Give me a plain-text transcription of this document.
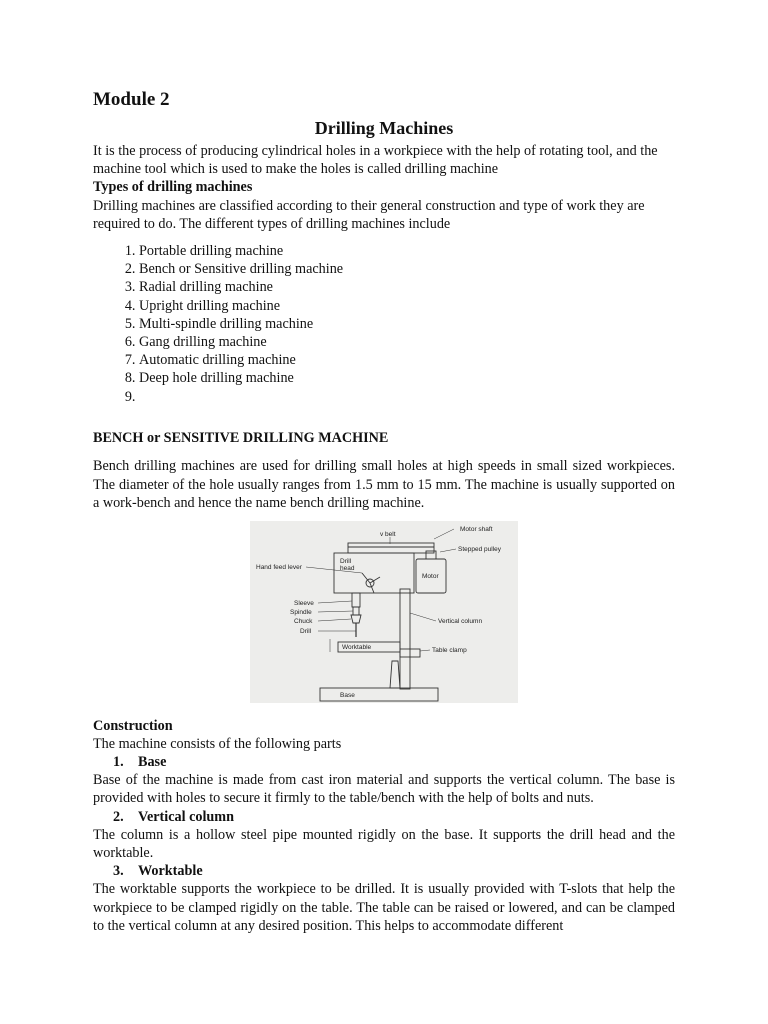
Module 2
Drilling Machines

It is the process of producing cylindrical holes in a workpiece with the help of rotating tool, and the machine tool which is used to make the holes is called drilling machine

Types of drilling machines

Drilling machines are classified according to their general construction and type of work they are required to do. The different types of drilling machines include

1. Portable drilling machine
2. Bench or Sensitive drilling machine
3. Radial drilling machine
4. Upright drilling machine
5. Multi-spindle drilling machine
6. Gang drilling machine
7. Automatic drilling machine
8. Deep hole drilling machine
9.
BENCH or SENSITIVE DRILLING MACHINE

Bench drilling machines are used for drilling small holes at high speeds in small sized workpieces. The diameter of the hole usually ranges from 1.5 mm to 15 mm. The machine is usually supported on a work-bench and hence the name bench drilling machine.

Motor shaft
v belt
Stepped pulley
Hand feed lever
Drill
head
Motor
Sleeve
Spindle
Chuck
Drill
Vertical column
Worktable	Table clamp
Base

Construction

The machine consists of the following parts

1. Base

Base of the machine is made from cast iron material and supports the vertical column. The base is provided with holes to secure it firmly to the table/bench with the help of bolts and nuts.

2. Vertical column

The column is a hollow steel pipe mounted rigidly on the base. It supports the drill head and the worktable.

3. Worktable

The worktable supports the workpiece to be drilled. It is usually provided with T-slots that help the workpiece to be clamped rigidly on the table. The table can be raised or lowered, and can be clamped to the vertical column at any desired position. This helps to accommodate different
